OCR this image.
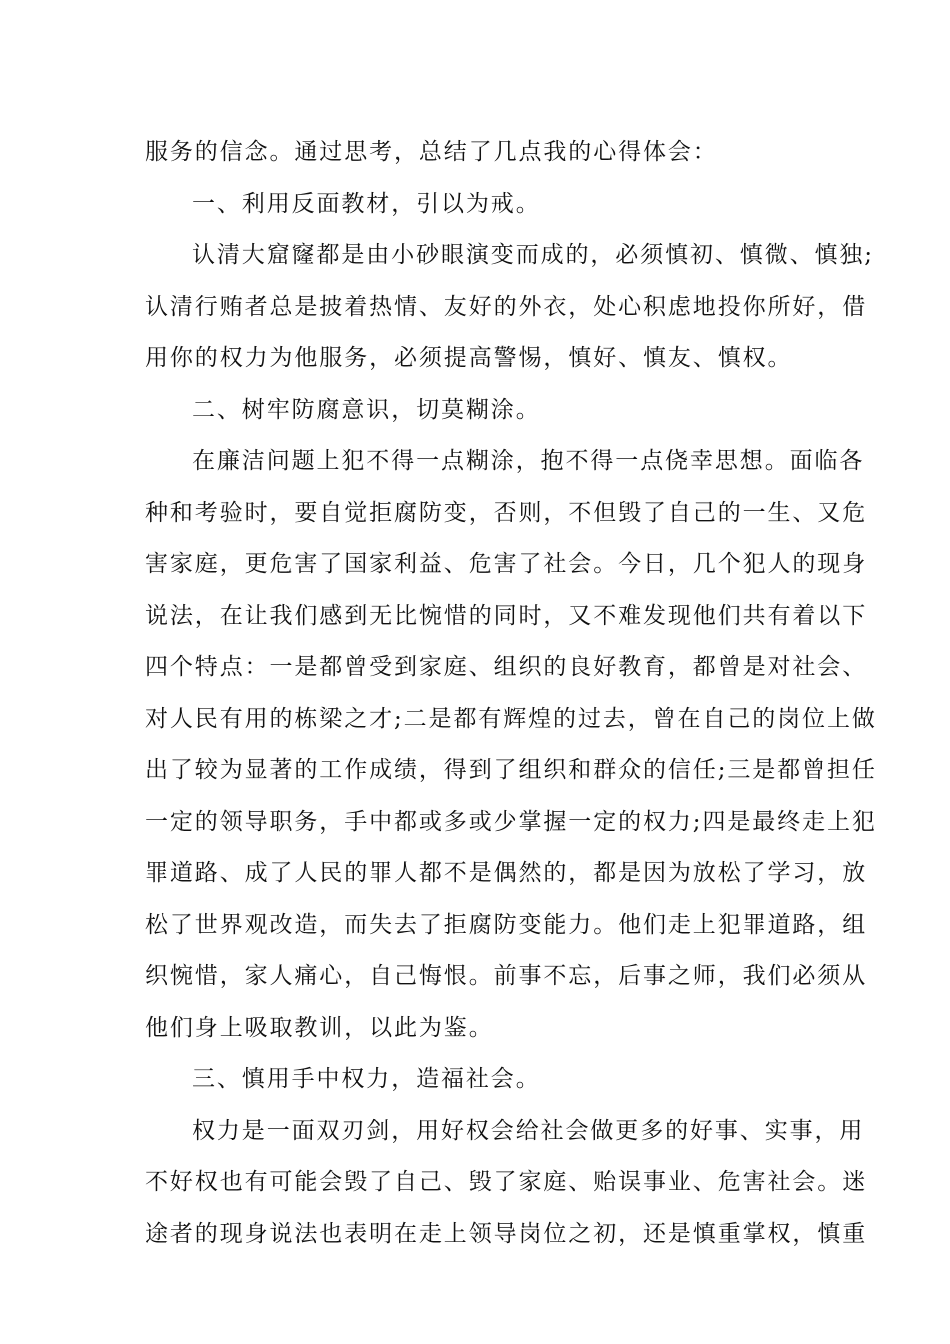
服务的信念。通过思考，总结了几点我的心得体会：
一、利用反面教材，引以为戒。
认清大窟窿都是由小砂眼演变而成的，必须慎初、慎微、慎独;
认清行贿者总是披着热情、友好的外衣，处心积虑地投你所好，借
用你的权力为他服务，必须提高警惕，慎好、慎友、慎权。
二、树牢防腐意识，切莫糊涂。
在廉洁问题上犯不得一点糊涂，抱不得一点侥幸思想。面临各
种和考验时，要自觉拒腐防变，否则，不但毁了自己的一生、又危
害家庭，更危害了国家利益、危害了社会。今日，几个犯人的现身
说法，在让我们感到无比惋惜的同时，又不难发现他们共有着以下
四个特点：一是都曾受到家庭、组织的良好教育，都曾是对社会、
对人民有用的栋梁之才;二是都有辉煌的过去，曾在自己的岗位上做
出了较为显著的工作成绩，得到了组织和群众的信任;三是都曾担任
一定的领导职务，手中都或多或少掌握一定的权力;四是最终走上犯
罪道路、成了人民的罪人都不是偶然的，都是因为放松了学习，放
松了世界观改造，而失去了拒腐防变能力。他们走上犯罪道路，组
织惋惜，家人痛心，自己悔恨。前事不忘，后事之师，我们必须从
他们身上吸取教训，以此为鉴。
三、慎用手中权力，造福社会。
权力是一面双刃剑，用好权会给社会做更多的好事、实事，用
不好权也有可能会毁了自己、毁了家庭、贻误事业、危害社会。迷
途者的现身说法也表明在走上领导岗位之初，还是慎重掌权，慎重
